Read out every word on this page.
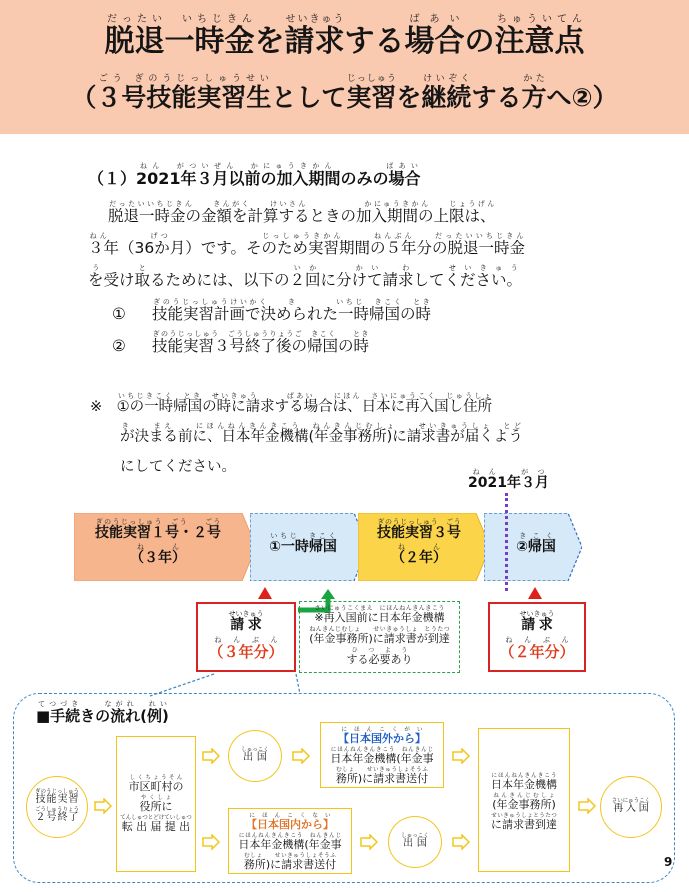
脱退一時金だったい　いちじきんを請求せいきゅうする場合ばあいの注意点ちゅういてん
（３号技能実習生ごう ぎのうじっしゅうせいとして実習じっしゅうを継続けいぞくする方かたへ②）
（１）2021年３月以前の加入期間のみの場合　　　　ねん　がついぜん　かにゅうきかん　　　　ばあい
脱退一時金の金額を計算するときの加入期間の上限は、だったいいちじきん　　きんがく　　けいさん　　　　　　かにゅうきかん　　じょうげん
３年（36か月）です。そのため実習期間の５年分の脱退一時金ねん　　　　げつ　　　　　　　　　じっしゅうきかん　　　ねんぶん　　だったいいちじきん
を受け取るためには、以下の２回に分けて請求してください。う　　と　　　　　　　　　いか　　かい　わ　　せいきゅう
① 技能実習計画で決められた一時帰国の時ぎのうじっしゅうけいかく　　き　　　　いちじ　きこく　とき
② 技能実習３号終了後の帰国の時ぎのうじっしゅう　ごうしゅうりょうご　きこく　　とき
※　 ①の一時帰国の時に請求する場合は、日本に再入国し住所いちじきこく　とき　せいきゅう　　　ばあい　　にほん　さいにゅうこく　じゅうしょ
が決まる前に、日本年金機構(年金事務所)に請求書が届くようき　　まえ　　にほんねんきんきこう　ねんきんじむしょ　　せいきゅうしょ　とど
にしてください。
2021年３月ねん　がつ
技能実習１号・２号ぎのうじっしゅう　ごう　　ごう
（３年）ねん	①一時帰国いちじ　きこく	技能実習３号ぎのうじっしゅう　ごう
（２年）ねん	②帰国きこく
請求せいきゅう
（３年分）ねんぶん
※再入国前に日本年金機構さいにゅうこくまえ　にほんねんきんきこう
(年金事務所)に請求書が到達ねんきんじむしょ　　せいきゅうしょ　とうたつ
する必要ありひつよう
請求せいきゅう
（２年分）ねんぶん
■手続きの流れ(例)てつづき　　ながれ　れい
技能実習ぎのうじっしゅう
２号終了ごうしゅうりょう
市区町村のしくちょうそん
役所にやくしょ
転出届提出てんしゅつとどけていしゅつ
出国しゅっこく
【日本国外から】にほんこくがい
日本年金機構(年金事にほんねんきんきこう　ねんきんじ
務所)に請求書送付むしょ　　せいきゅうしょそうふ
【日本国内から】にほんこくない
日本年金機構(年金事にほんねんきんきこう　ねんきんじ
務所)に請求書送付むしょ　　せいきゅうしょそうふ
出国しゅっこく
日本年金機構にほんねんきんきこう
(年金事務所)ねんきんじむしょ
に請求書到達せいきゅうしょとうたつ
再入国さいにゅうこく
9
